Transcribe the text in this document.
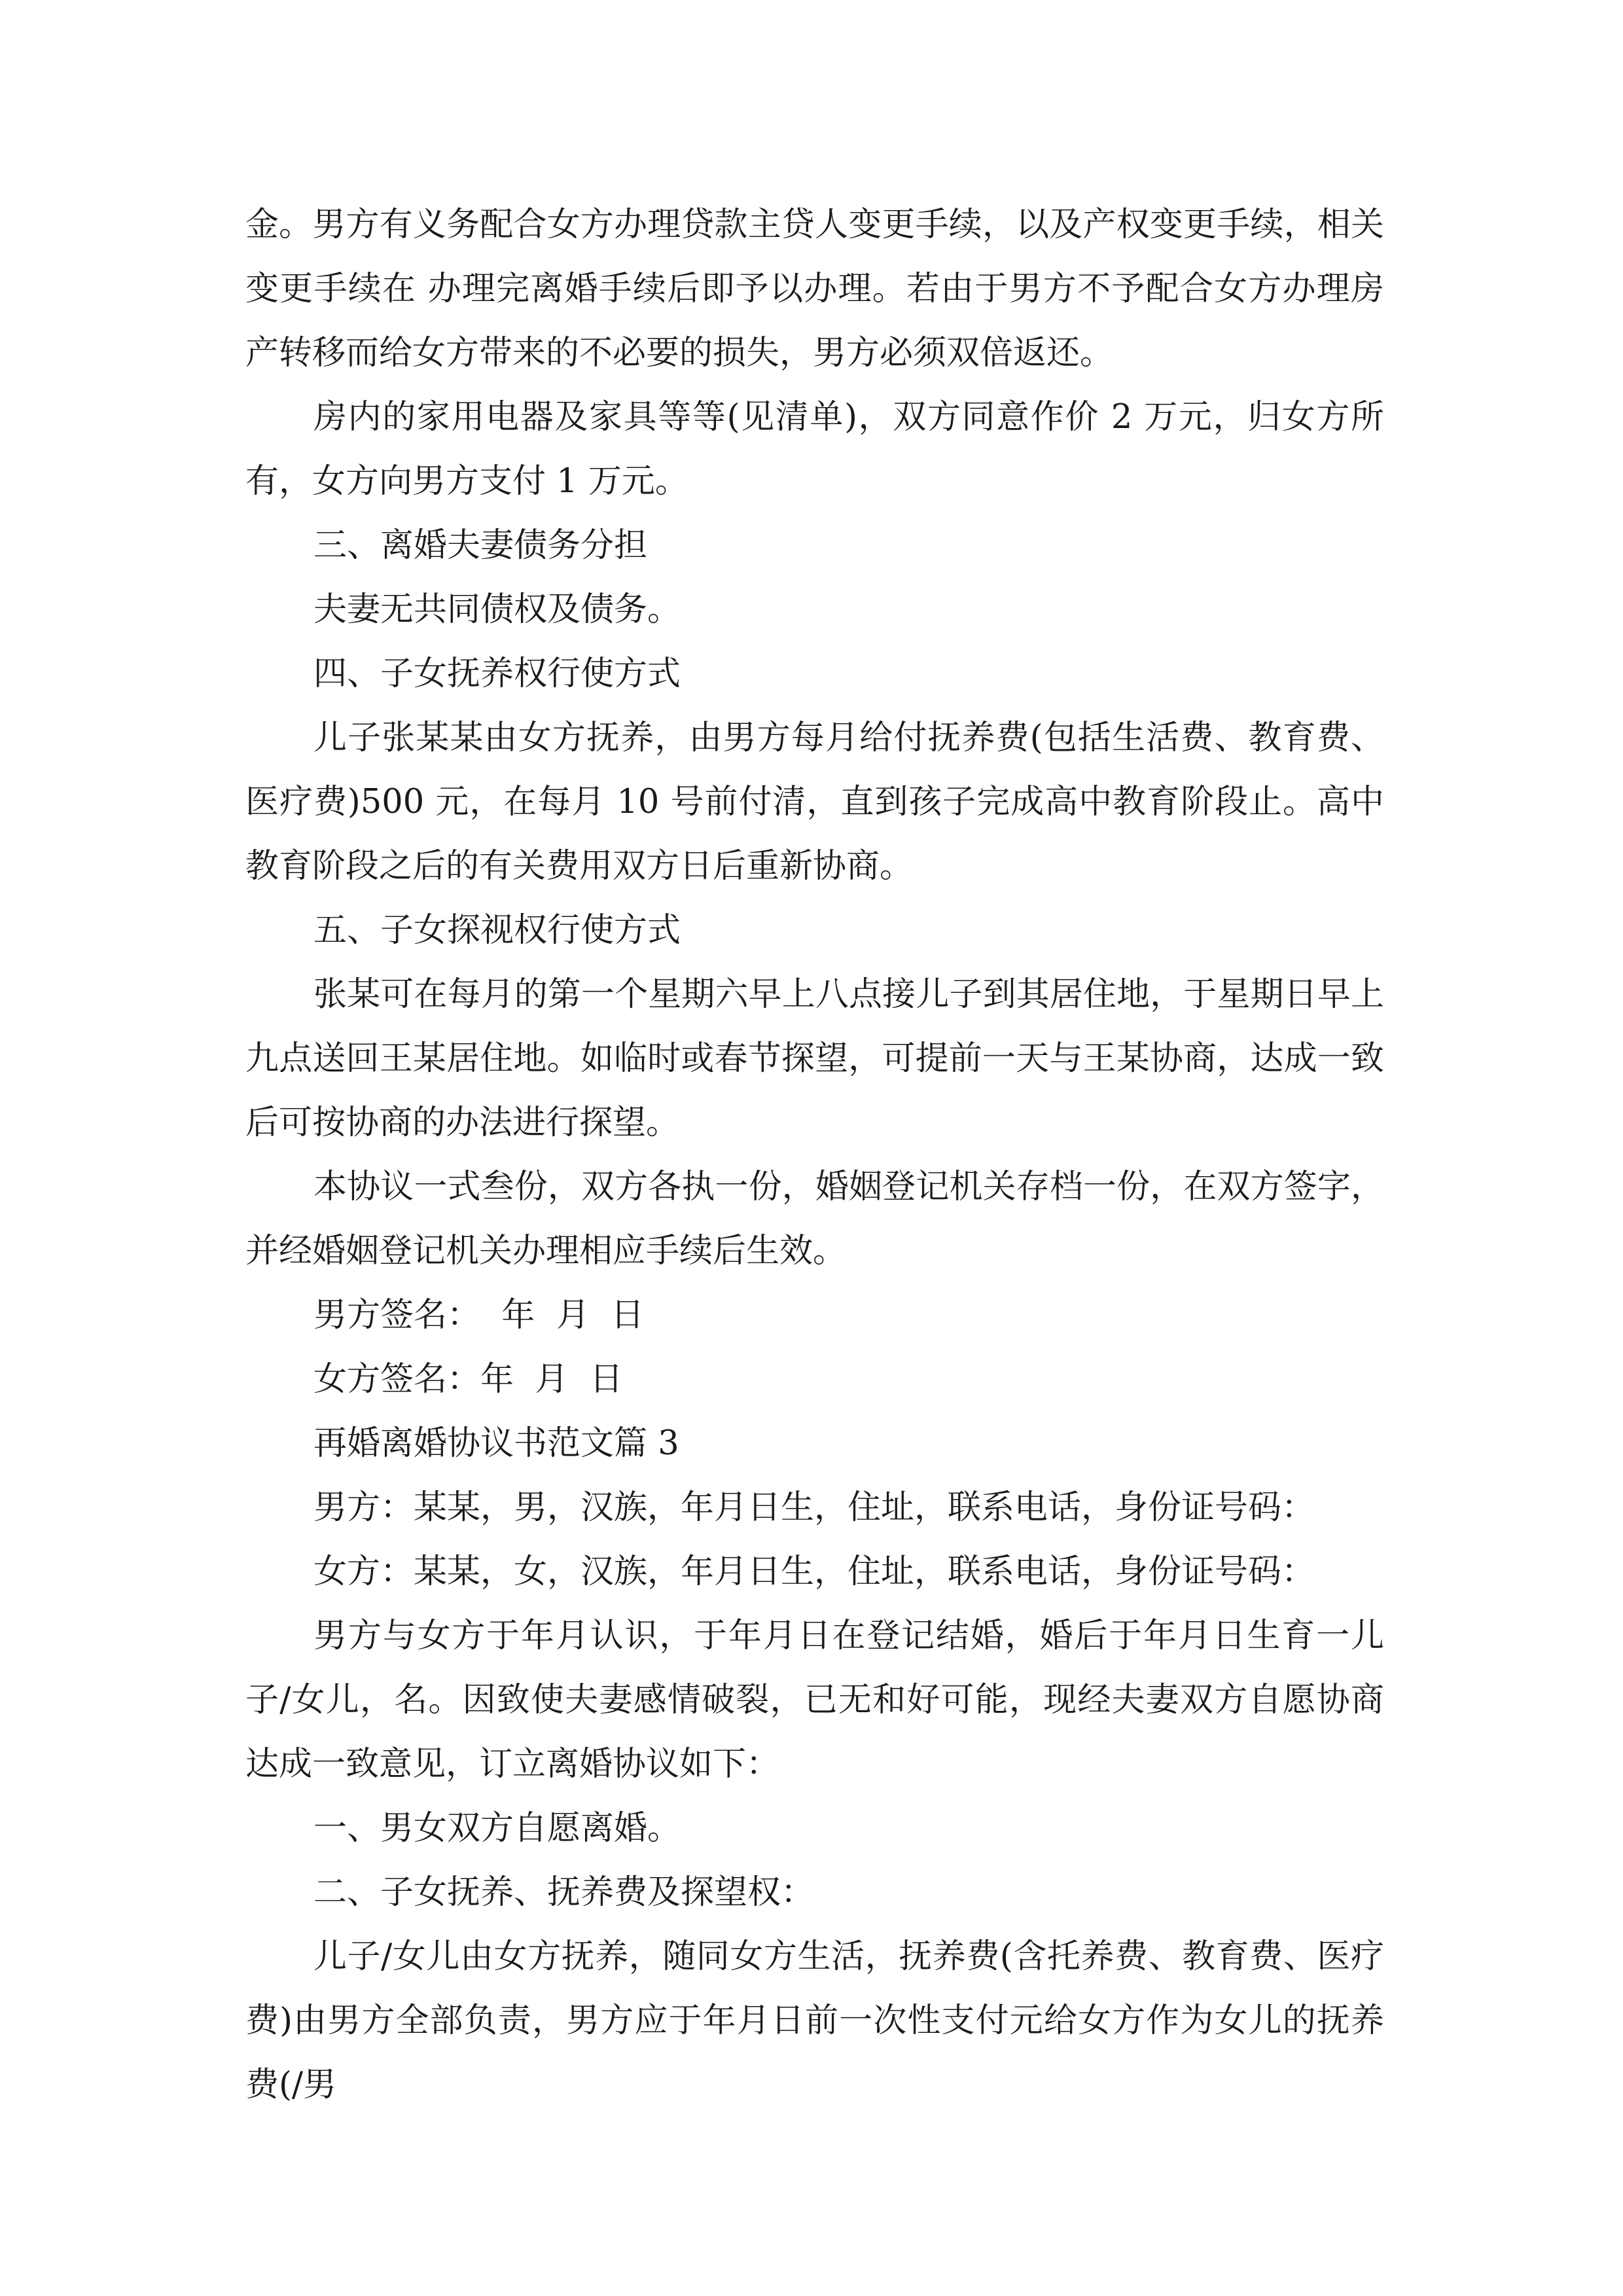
金。男方有义务配合女方办理贷款主贷人变更手续，以及产权变更手续，相关变更手续在 办理完离婚手续后即予以办理。若由于男方不予配合女方办理房产转移而给女方带来的不必要的损失，男方必须双倍返还。

房内的家用电器及家具等等(见清单)，双方同意作价 2 万元，归女方所有，女方向男方支付 1 万元。

三、离婚夫妻债务分担

夫妻无共同债权及债务。

四、子女抚养权行使方式

儿子张某某由女方抚养，由男方每月给付抚养费(包括生活费、教育费、医疗费)500 元，在每月 10 号前付清，直到孩子完成高中教育阶段止。高中教育阶段之后的有关费用双方日后重新协商。

五、子女探视权行使方式

张某可在每月的第一个星期六早上八点接儿子到其居住地，于星期日早上九点送回王某居住地。如临时或春节探望，可提前一天与王某协商，达成一致后可按协商的办法进行探望。

本协议一式叁份，双方各执一份，婚姻登记机关存档一份，在双方签字，并经婚姻登记机关办理相应手续后生效。

男方签名：  年  月  日

女方签名：年  月  日

再婚离婚协议书范文篇 3

男方：某某，男，汉族，年月日生，住址，联系电话，身份证号码：

女方：某某，女，汉族，年月日生，住址，联系电话，身份证号码：

男方与女方于年月认识，于年月日在登记结婚，婚后于年月日生育一儿子/女儿，名。因致使夫妻感情破裂，已无和好可能，现经夫妻双方自愿协商达成一致意见，订立离婚协议如下：

一、男女双方自愿离婚。

二、子女抚养、抚养费及探望权：

儿子/女儿由女方抚养，随同女方生活，抚养费(含托养费、教育费、医疗费)由男方全部负责，男方应于年月日前一次性支付元给女方作为女儿的抚养费(/男
